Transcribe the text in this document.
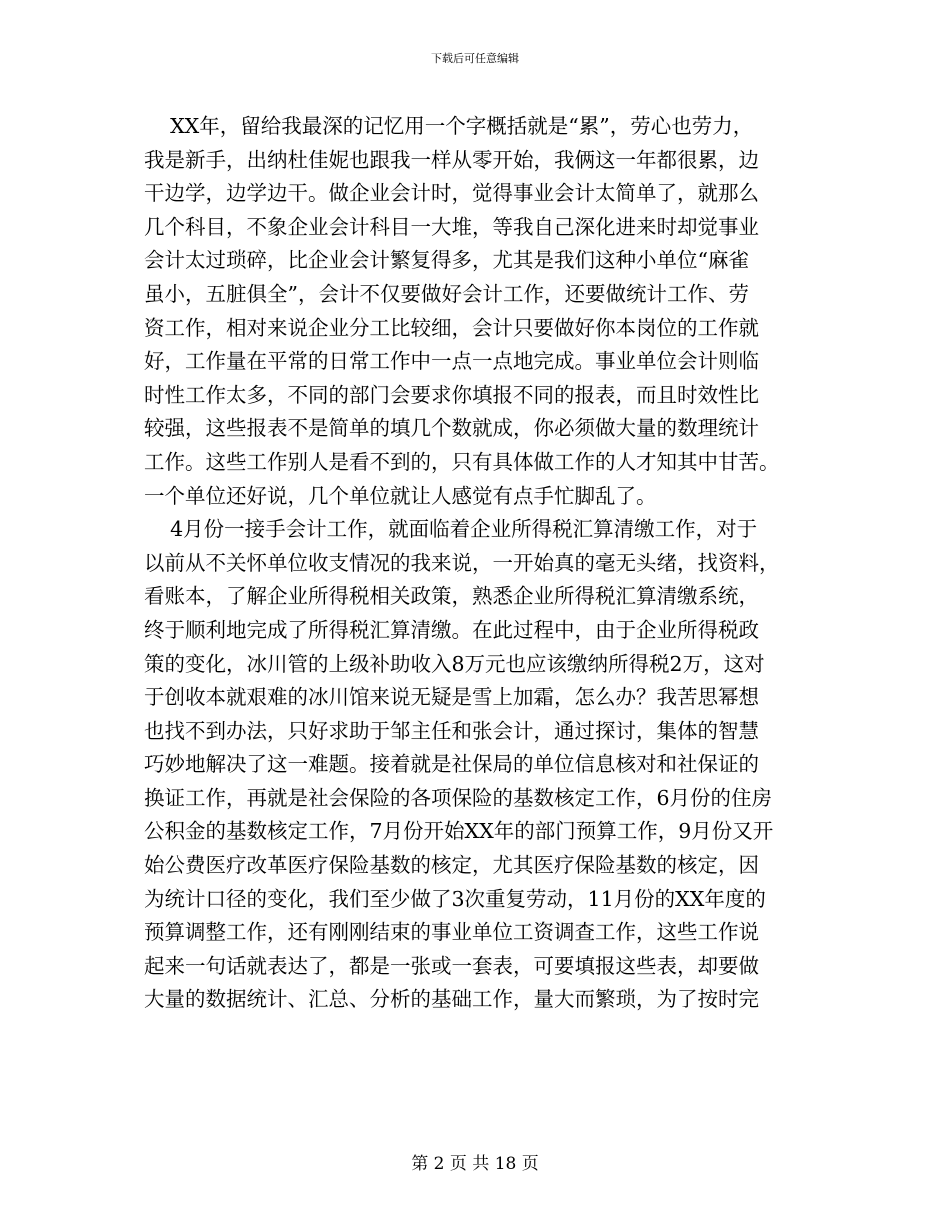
下载后可任意编辑
XX年，留给我最深的记忆用一个字概括就是“累”，劳心也劳力，
我是新手，出纳杜佳妮也跟我一样从零开始，我俩这一年都很累，边
干边学，边学边干。做企业会计时，觉得事业会计太简单了，就那么
几个科目，不象企业会计科目一大堆，等我自己深化进来时却觉事业
会计太过琐碎，比企业会计繁复得多，尤其是我们这种小单位“麻雀
虽小，五脏俱全”，会计不仅要做好会计工作，还要做统计工作、劳
资工作，相对来说企业分工比较细，会计只要做好你本岗位的工作就
好，工作量在平常的日常工作中一点一点地完成。事业单位会计则临
时性工作太多，不同的部门会要求你填报不同的报表，而且时效性比
较强，这些报表不是简单的填几个数就成，你必须做大量的数理统计
工作。这些工作别人是看不到的，只有具体做工作的人才知其中甘苦。
一个单位还好说，几个单位就让人感觉有点手忙脚乱了。
4月份一接手会计工作，就面临着企业所得税汇算清缴工作，对于
以前从不关怀单位收支情况的我来说，一开始真的毫无头绪，找资料，
看账本，了解企业所得税相关政策，熟悉企业所得税汇算清缴系统，
终于顺利地完成了所得税汇算清缴。在此过程中，由于企业所得税政
策的变化，冰川管的上级补助收入8万元也应该缴纳所得税2万，这对
于创收本就艰难的冰川馆来说无疑是雪上加霜，怎么办？我苦思幂想
也找不到办法，只好求助于邹主任和张会计，通过探讨，集体的智慧
巧妙地解决了这一难题。接着就是社保局的单位信息核对和社保证的
换证工作，再就是社会保险的各项保险的基数核定工作，6月份的住房
公积金的基数核定工作，7月份开始XX年的部门预算工作，9月份又开
始公费医疗改革医疗保险基数的核定，尤其医疗保险基数的核定，因
为统计口径的变化，我们至少做了3次重复劳动，11月份的XX年度的
预算调整工作，还有刚刚结束的事业单位工资调查工作，这些工作说
起来一句话就表达了，都是一张或一套表，可要填报这些表，却要做
大量的数据统计、汇总、分析的基础工作，量大而繁琐，为了按时完
第 2 页 共 18 页
